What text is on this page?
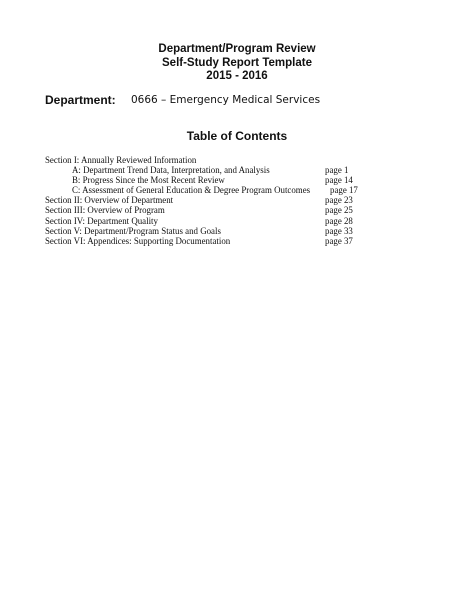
Department/Program Review
Self-Study Report Template
2015 - 2016
Department: 0666 – Emergency Medical Services
Table of Contents
Section I: Annually Reviewed Information
A: Department Trend Data, Interpretation, and Analysis	page 1
B: Progress Since the Most Recent Review	page 14
C: Assessment of General Education & Degree Program Outcomes page 17
Section II: Overview of Department	page 23
Section III: Overview of Program	page 25
Section IV: Department Quality	page 28
Section V: Department/Program Status and Goals	page 33
Section VI: Appendices: Supporting Documentation	page 37
